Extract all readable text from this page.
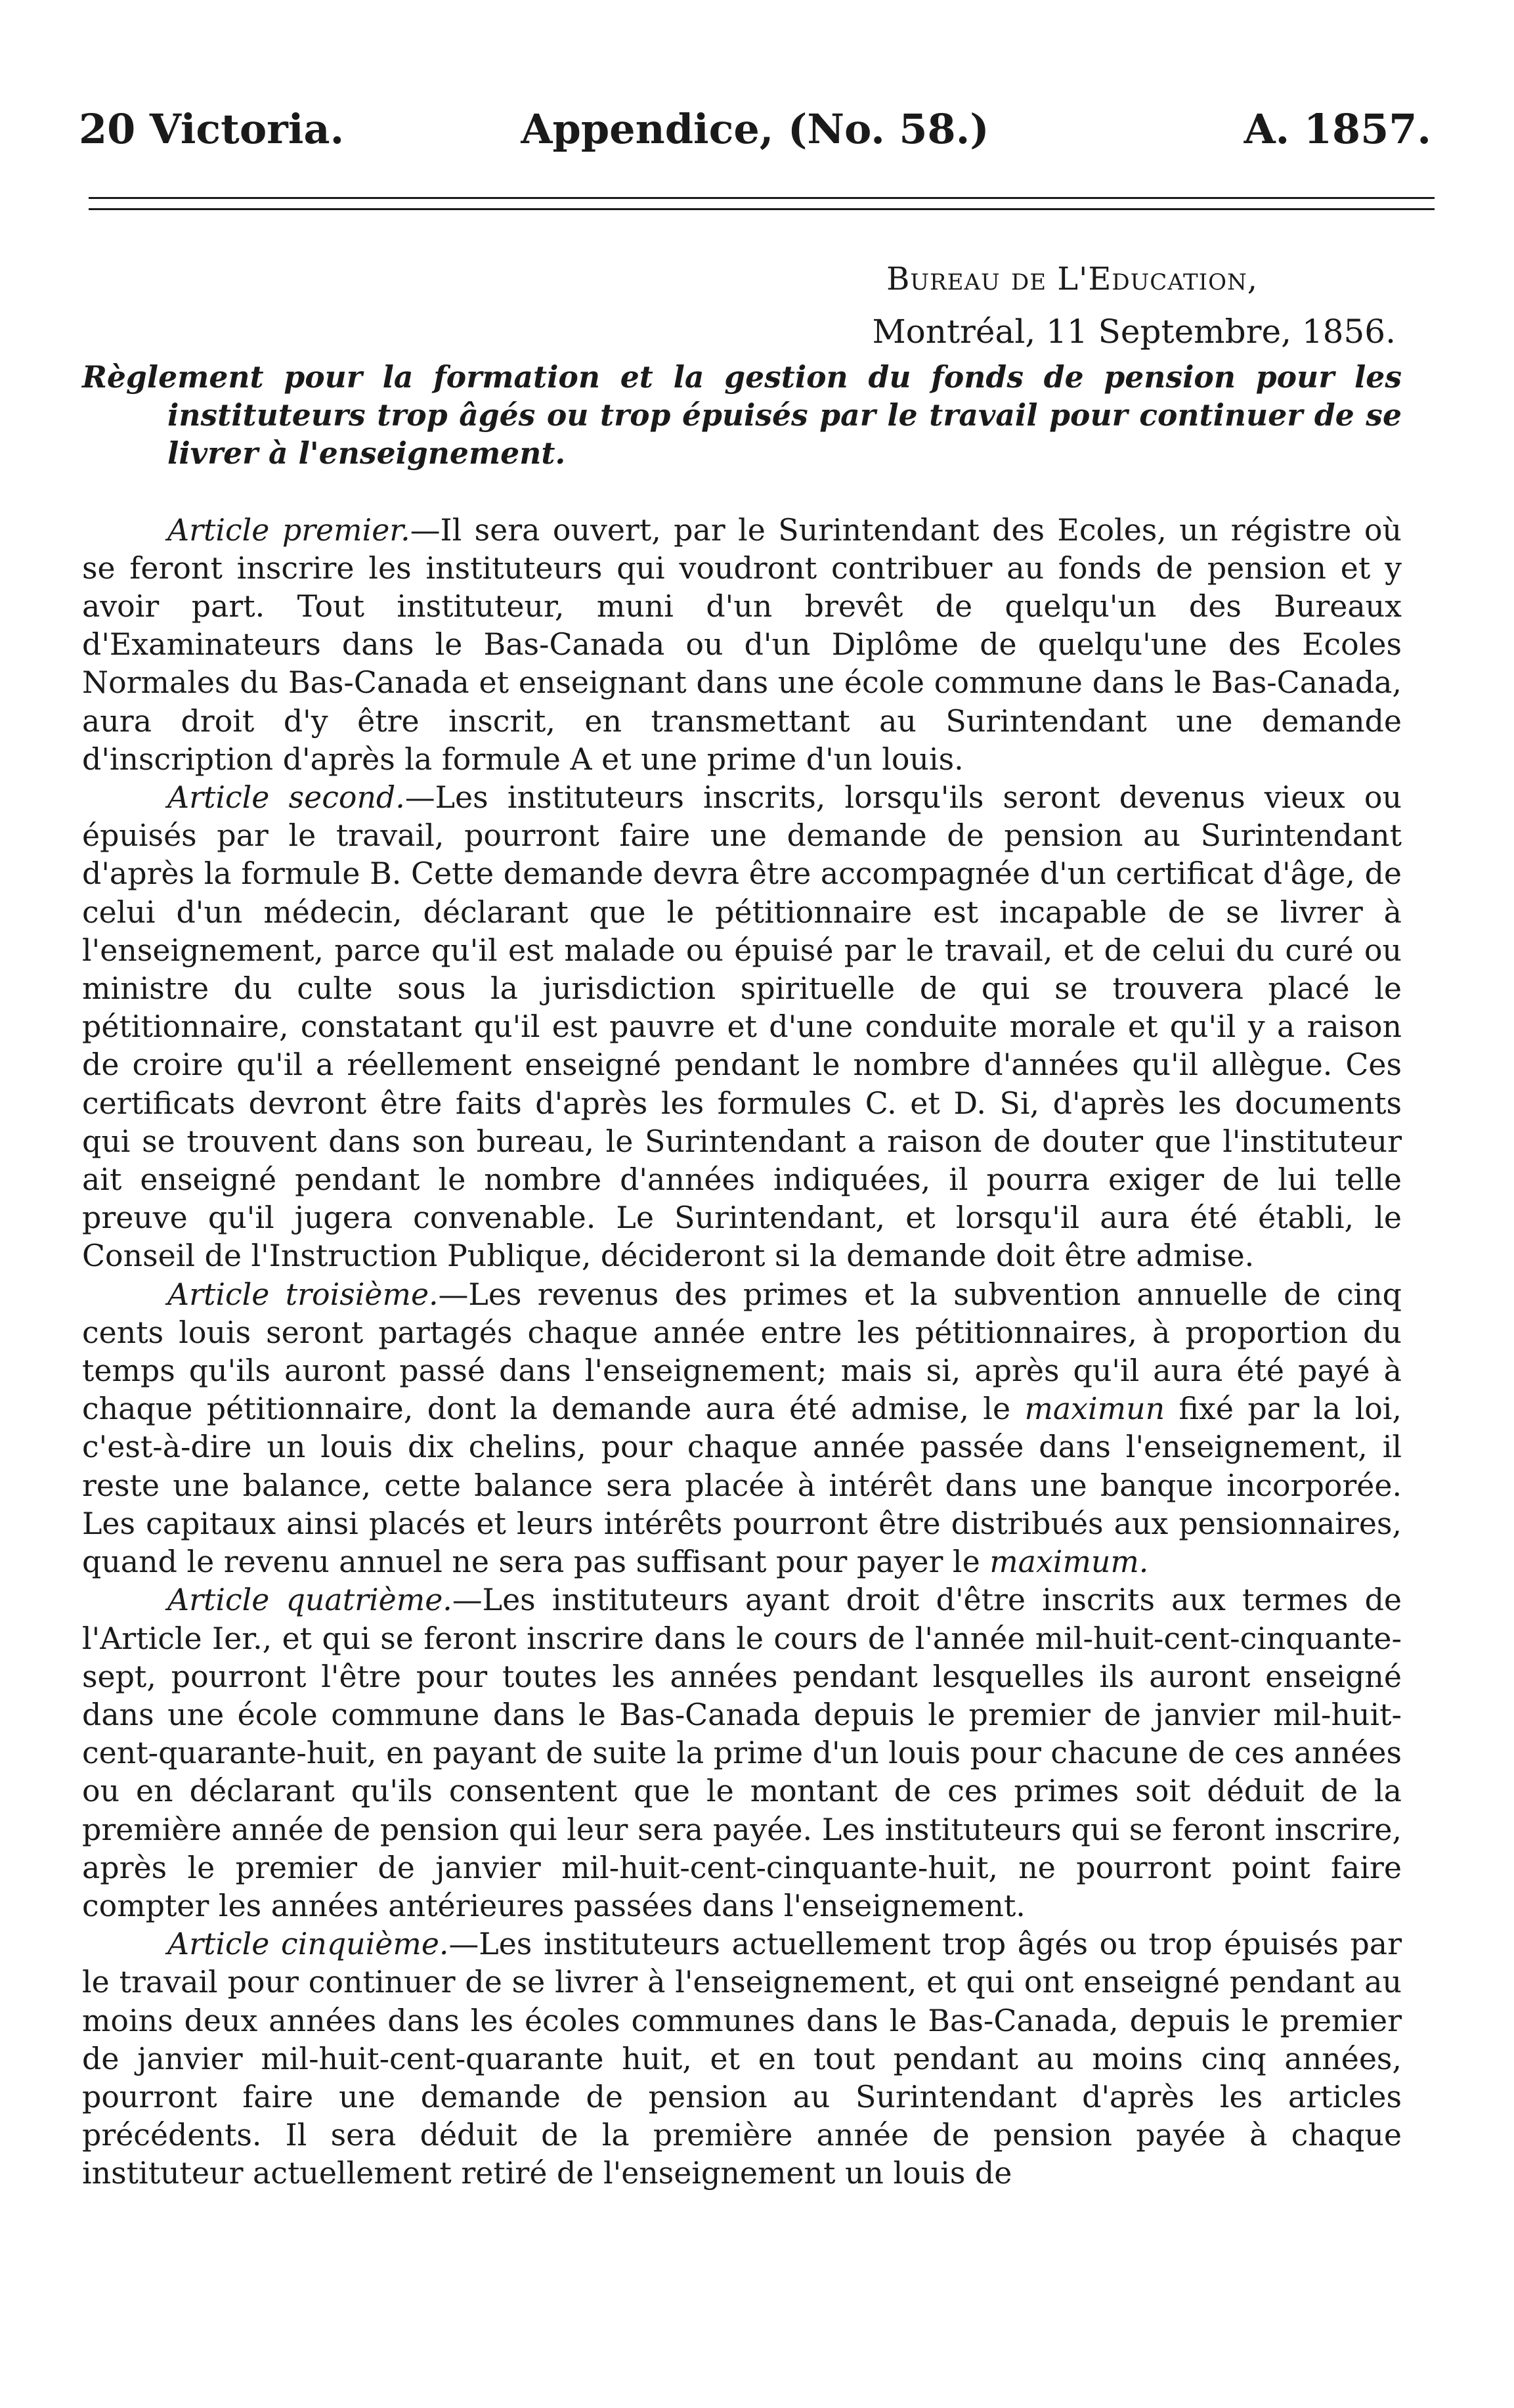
20 Victoria.	Appendice, (No. 58.)	A. 1857.
Bureau de L'Education,
Montréal, 11 Septembre, 1856.

Règlement pour la formation et la gestion du fonds de pension pour les instituteurs trop âgés ou trop épuisés par le travail pour continuer de se livrer à l'enseignement.

Article premier.—Il sera ouvert, par le Surintendant des Ecoles, un régistre où se feront inscrire les instituteurs qui voudront contribuer au fonds de pension et y avoir part. Tout instituteur, muni d'un brevêt de quelqu'un des Bureaux d'Examinateurs dans le Bas-Canada ou d'un Diplôme de quelqu'une des Ecoles Normales du Bas-Canada et enseignant dans une école commune dans le Bas-Canada, aura droit d'y être inscrit, en transmettant au Surintendant une demande d'inscription d'après la formule A et une prime d'un louis.

Article second.—Les instituteurs inscrits, lorsqu'ils seront devenus vieux ou épuisés par le travail, pourront faire une demande de pension au Surintendant d'après la formule B. Cette demande devra être accompagnée d'un certificat d'âge, de celui d'un médecin, déclarant que le pétitionnaire est incapable de se livrer à l'enseignement, parce qu'il est malade ou épuisé par le travail, et de celui du curé ou ministre du culte sous la jurisdiction spirituelle de qui se trouvera placé le pétitionnaire, constatant qu'il est pauvre et d'une conduite morale et qu'il y a raison de croire qu'il a réellement enseigné pendant le nombre d'années qu'il allègue. Ces certificats devront être faits d'après les formules C. et D. Si, d'après les documents qui se trouvent dans son bureau, le Surintendant a raison de douter que l'instituteur ait enseigné pendant le nombre d'années indiquées, il pourra exiger de lui telle preuve qu'il jugera convenable. Le Surintendant, et lorsqu'il aura été établi, le Conseil de l'Instruction Publique, décideront si la demande doit être admise.

Article troisième.—Les revenus des primes et la subvention annuelle de cinq cents louis seront partagés chaque année entre les pétitionnaires, à proportion du temps qu'ils auront passé dans l'enseignement; mais si, après qu'il aura été payé à chaque pétitionnaire, dont la demande aura été admise, le maximun fixé par la loi, c'est-à-dire un louis dix chelins, pour chaque année passée dans l'enseignement, il reste une balance, cette balance sera placée à intérêt dans une banque incorporée. Les capitaux ainsi placés et leurs intérêts pourront être distribués aux pensionnaires, quand le revenu annuel ne sera pas suffisant pour payer le maximum.

Article quatrième.—Les instituteurs ayant droit d'être inscrits aux termes de l'Article Ier., et qui se feront inscrire dans le cours de l'année mil-huit-cent-cinquante-sept, pourront l'être pour toutes les années pendant lesquelles ils auront enseigné dans une école commune dans le Bas-Canada depuis le premier de janvier mil-huit-cent-quarante-huit, en payant de suite la prime d'un louis pour chacune de ces années ou en déclarant qu'ils consentent que le montant de ces primes soit déduit de la première année de pension qui leur sera payée. Les instituteurs qui se feront inscrire, après le premier de janvier mil-huit-cent-cinquante-huit, ne pourront point faire compter les années antérieures passées dans l'enseignement.

Article cinquième.—Les instituteurs actuellement trop âgés ou trop épuisés par le travail pour continuer de se livrer à l'enseignement, et qui ont enseigné pendant au moins deux années dans les écoles communes dans le Bas-Canada, depuis le premier de janvier mil-huit-cent-quarante huit, et en tout pendant au moins cinq années, pourront faire une demande de pension au Surintendant d'après les articles précédents. Il sera déduit de la première année de pension payée à chaque instituteur actuellement retiré de l'enseignement un louis de
